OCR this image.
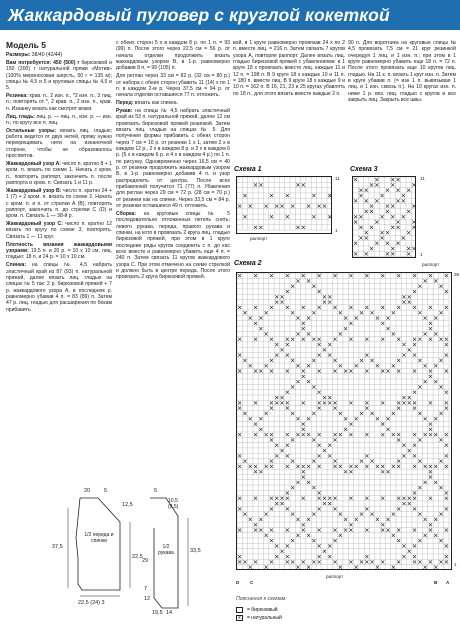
Жаккардовый пуловер с круглой кокеткой
Модель 5

Размеры: 38/40 (42/44)

Вам потребуется: 450 (500) г бирюзовой и 150 (200) г натуральной пряжи «Мотив» (100% мериносовая шерсть, 50 г = 135 м); спицы № 4,5 и 5 и круговые спицы № 4,5 и 5.

Резинка: крав. п., 2 изн. п., *2 изн. п., 3 лиц. п.; повторять от *, 2 крав. п., 2 изн. п., крав. п. Изнанку вязать как смотрят вязки.

Лиц. гладь: лиц. р. — лиц. п., изн. р. — изн. п.; по кругу все п. лиц.

Остальные узоры: вязать лиц. гладью; работа ведется от двух нитей, пряжу нужно перекрещивать нити на изнаночной стороне, чтобы не образовалось простветов.

Жаккардовый узор А: число п. кратно 8 + 1 кром. п. вязать по схеме 1. Начать с кром. п., повторять раппорт, закончить п. после раппорта и кром. п. Связать 1 и 11 р.

Жаккардовый узор В: число п. кратно 24 + 1 (7) + 2 кром. п. вязать по схеме 2. Начать с кром. п. и п. от стрелки А (В), повторять раппорт, закончить п. до стрелки С (D) и кром. п. Связать 1 — 38-й р.

Жаккардовый узор С: число п. кратно 12 вязать по кругу по схеме 3, повторять. Связать 1 — 11 круг.

Плотность вязания жаккардовыми узорами: 19,5 п. и 20 р. = 10 х 10 см, лиц. гладью: 18 п. и 24 р. = 10 х 10 см.

Спинка: на спицы № 4,5 набрать эластичный край из 87 (93) п. натуральной пряжей, далее вязать лиц. гладью на спицах № 5 так: 2 р. бирюзовой пряжей + 7 р. жаккардового узора А, в последнем р. равномерно убавив 4 п. = 83 (89) п. Затем 47 р. лиц. гладью для расширения по бокам прибавить

с обеих сторон 5 х в каждом 8 р. по 1 п. = 93 (99) п. После этого через 22,5 см = 56 р. от начала отделки продолжить вязать жаккардовым узором В, в 1-р. равномерно добавив 8 п. = 99 (105) п.

Для реглан через 33 см = 82 р. (32 см = 80 р.) от набора с обеих сторон убавить 11 (14) х по 1 п. в каждом 2-м р. Через 37,5 см = 94 р. от начала отделки оставшиеся 77 п. отложить.

Перед: вязать как спинка.

Рукав: на спицы № 4,5 набрать эластичный край из 53 п. натуральной пряжей, далее 12 см провязать бирюзовой пряжей резинкой. Затем вязать лиц. гладью на спицах № 5. Для получения формы прибавить с обеих сторон через 7 см = 16 р. от резинки 1 х 1, затем 2 х в каждом 12 р., 2 х в каждом 8 р. и 2 х в каждом 6 р. (5 х в каждом 6 р. и 4 х в каждом 4 р.) по 1 п. по рисунку. Одновременно через 16,5 см = 40 р. от резинки продолжить жаккардовым узором В, в 1-р. равномерно добавив 4 п. и узор распределить от центра. После всех прибавлений получится 71 (77) п. Убавления для реглан через 29 см = 72 р. (28 см = 70 р.) от резинки как на спинке. Через 33,5 см = 84 р. от резинки оставшиеся 49 п. отложить.

Сборка: на круговые спицы № 5 последовательно отложенных петель снять: левого рукава, переда, правого рукава и спинки, на кото в провязать 2 круга лиц. гладью бирюзовой пряжей, при этом в 1 круге последние ряды кругов соединить с п. до кас всех вместе и равномерно убавить еще 4 п. = 240 п. Затем связать 11 кругов жаккардового узора С. При этом отмечено на схеме стрелкой и должно быть в центре переда. После этого провязать 2 круга бирюзовой пряжей.

вой, в 1 круге равномерно провязав 24 х по 2 п. вместе лиц. = 216 п. Затем связать 7 кругов узора А, повторяя раппорт. Далее вязать лиц. гладью бирюзовой пряжей с убавлениями: в 1 круге 18 х провязать вместе лиц. каждые 11 и 12 п. = 198 п. В 9 круге 18 х каждые 10 и 11 п. = 180 п. вместе лиц. В 9 круге 18 х каждые 9 и 10 п. = 162 п. В 16, 21, 23 и 25 кругах убавлять по 18 п., для этого вязать вместе каждые 2 п.

90 п. Для воротника на круговые спицы № 4,5 провязать 7,5 см = 21 круг резинкой очередуя 1 лиц. и 1 изн. п.; при этом в 1 круге равномерно убавить еще 18 п. = 72 п. После этого провязать еще 10 кругов лиц. гладью. На 11 к. п. вязать 1 круг изн. п. Затем в круге убавив п. (= изн 1 п. вывязывая 1 лиц. и 1 изн. сквозь п.). На 10 кругах изн. п. ниже 1 р. вяз. лиц. гладью с кругов и все закрыть лиц. Закрыть все швы.

Схема 1
11
1
раппорт
Схема 3
11
1
раппорт
Схема 2
38
1
раппорт
D C	B A
20	5
12,5
37,5
22,5
1/2 переда и спинки
22,5 (24) 3
5
10,5
(9,5)
33,5
1/2 рукава
29
7
12
14
19,5
Пояснения к схемам:
= бирюзовый
x	= натуральный
